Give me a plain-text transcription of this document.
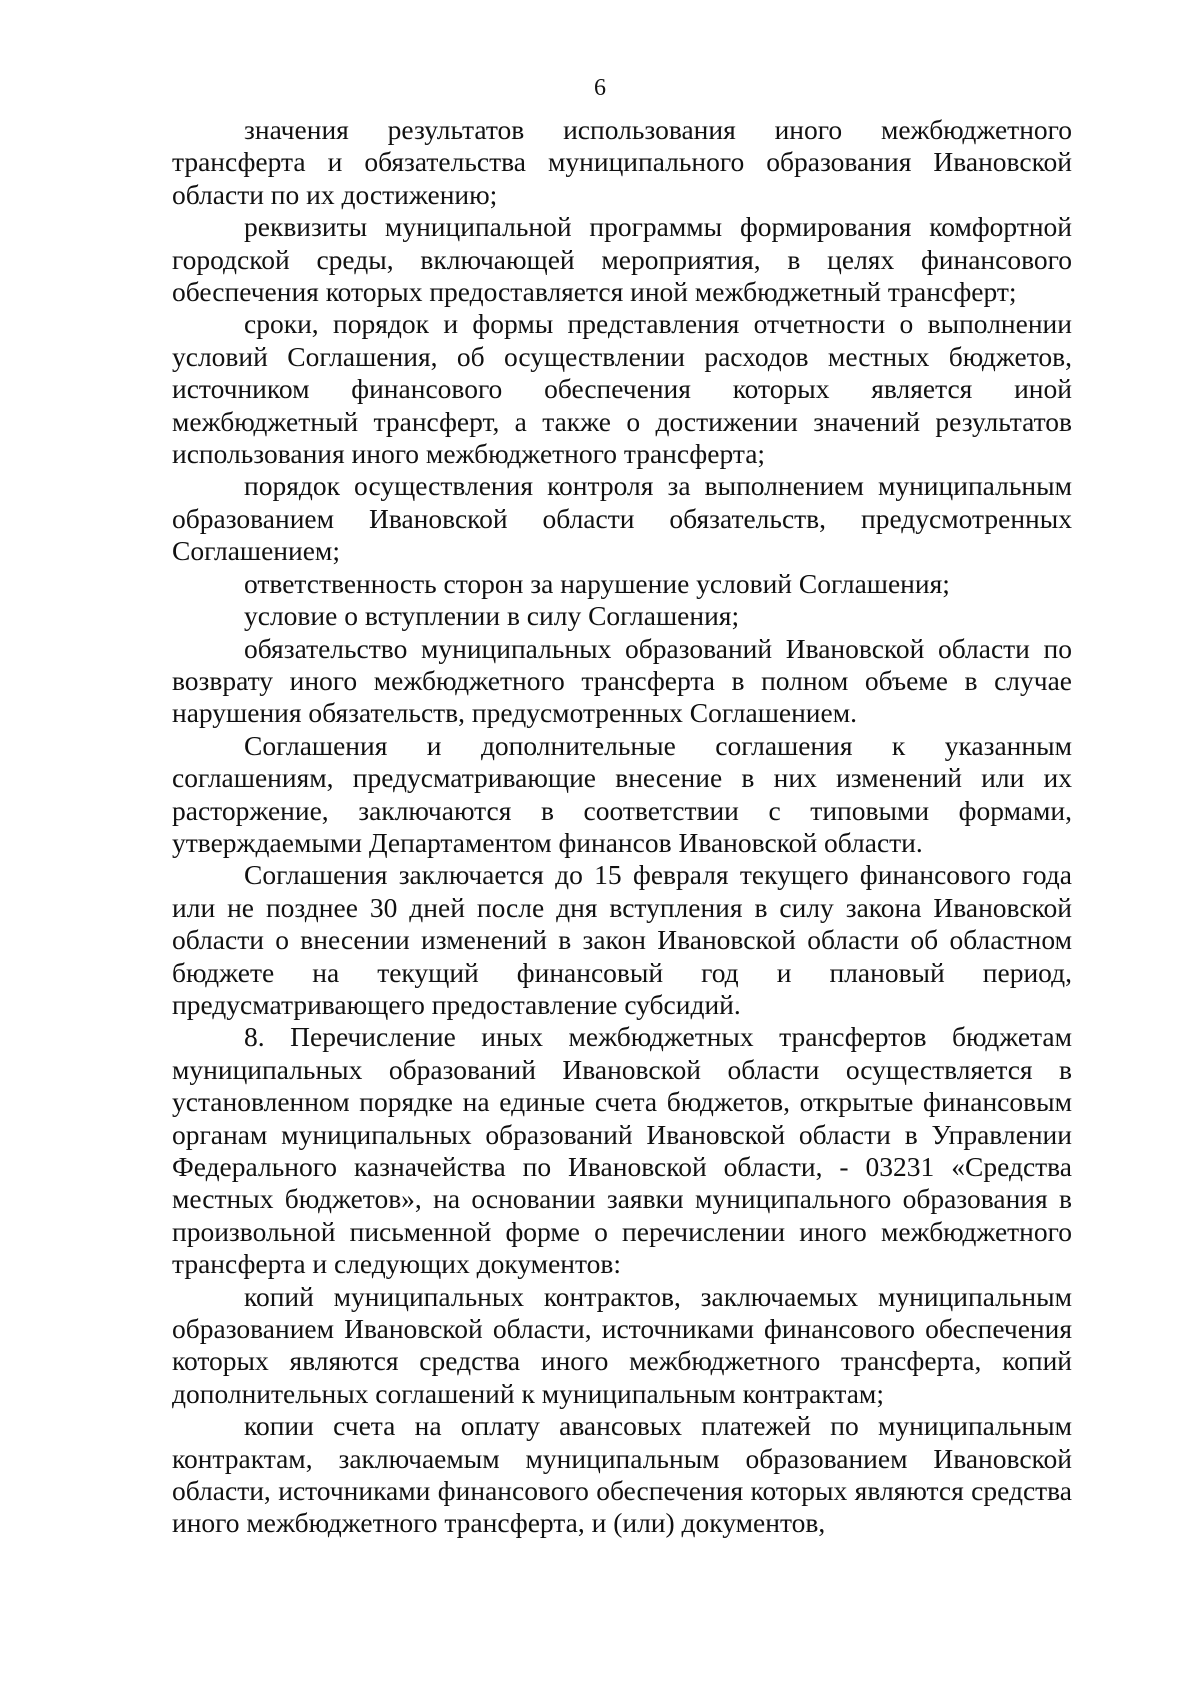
6

значения результатов использования иного межбюджетного трансферта и обязательства муниципального образования Ивановской области по их достижению;

реквизиты муниципальной программы формирования комфортной городской среды, включающей мероприятия, в целях финансового обеспечения которых предоставляется иной межбюджетный трансферт;

сроки, порядок и формы представления отчетности о выполнении условий Соглашения, об осуществлении расходов местных бюджетов, источником финансового обеспечения которых является иной межбюджетный трансферт, а также о достижении значений результатов использования иного межбюджетного трансферта;

порядок осуществления контроля за выполнением муниципальным образованием Ивановской области обязательств, предусмотренных Соглашением;

ответственность сторон за нарушение условий Соглашения;

условие о вступлении в силу Соглашения;

обязательство муниципальных образований Ивановской области по возврату иного межбюджетного трансферта в полном объеме в случае нарушения обязательств, предусмотренных Соглашением.

Соглашения и дополнительные соглашения к указанным соглашениям, предусматривающие внесение в них изменений или их расторжение, заключаются в соответствии с типовыми формами, утверждаемыми Департаментом финансов Ивановской области.

Соглашения заключается до 15 февраля текущего финансового года или не позднее 30 дней после дня вступления в силу закона Ивановской области о внесении изменений в закон Ивановской области об областном бюджете на текущий финансовый год и плановый период, предусматривающего предоставление субсидий.

8. Перечисление иных межбюджетных трансфертов бюджетам муниципальных образований Ивановской области осуществляется в установленном порядке на единые счета бюджетов, открытые финансовым органам муниципальных образований Ивановской области в Управлении Федерального казначейства по Ивановской области, - 03231 «Средства местных бюджетов», на основании заявки муниципального образования в произвольной письменной форме о перечислении иного межбюджетного трансферта и следующих документов:

копий муниципальных контрактов, заключаемых муниципальным образованием Ивановской области, источниками финансового обеспечения которых являются средства иного межбюджетного трансферта, копий дополнительных соглашений к муниципальным контрактам;

копии счета на оплату авансовых платежей по муниципальным контрактам, заключаемым муниципальным образованием Ивановской области, источниками финансового обеспечения которых являются средства иного межбюджетного трансферта, и (или) документов,
